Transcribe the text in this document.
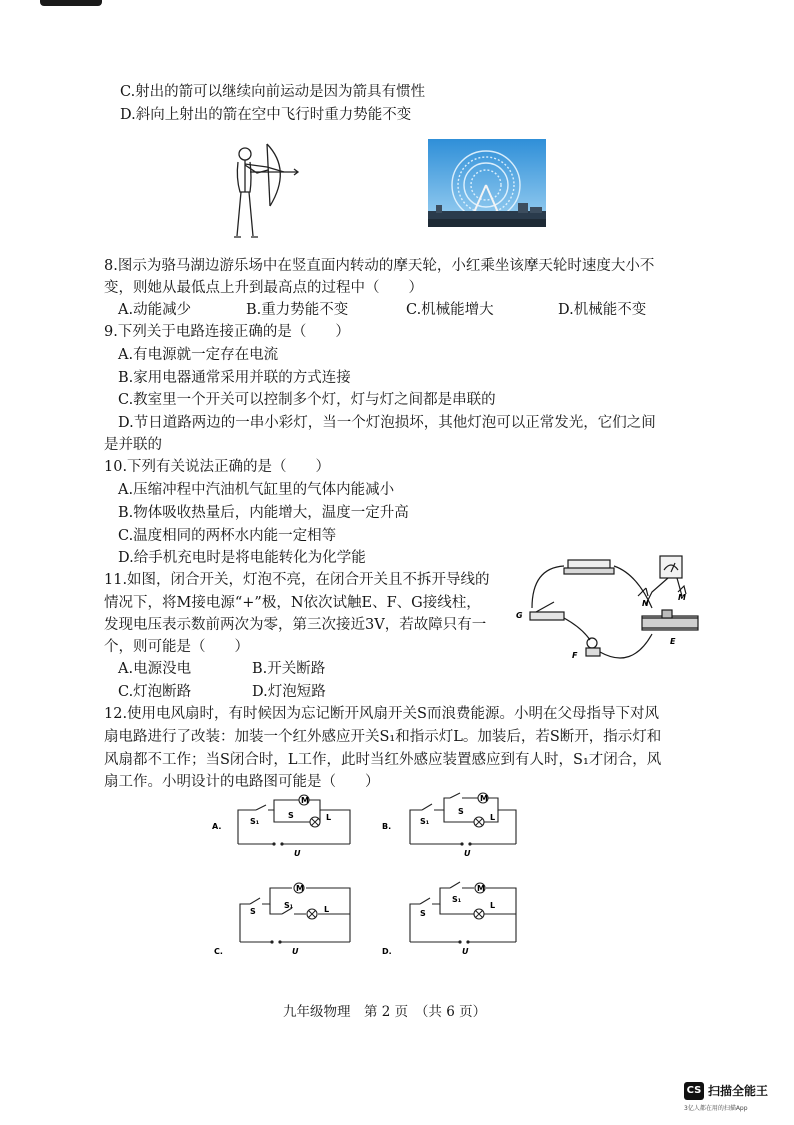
C.射出的箭可以继续向前运动是因为箭具有惯性
D.斜向上射出的箭在空中飞行时重力势能不变
8.图示为骆马湖边游乐场中在竖直面内转动的摩天轮，小红乘坐该摩天轮时速度大小不
变，则她从最低点上升到最高点的过程中（　　）
A.动能减少	B.重力势能不变	C.机械能增大	D.机械能不变
9.下列关于电路连接正确的是（　　）
A.有电源就一定存在电流
B.家用电器通常采用并联的方式连接
C.教室里一个开关可以控制多个灯，灯与灯之间都是串联的
D.节日道路两边的一串小彩灯，当一个灯泡损坏，其他灯泡可以正常发光，它们之间
是并联的
10.下列有关说法正确的是（　　）
A.压缩冲程中汽油机气缸里的气体内能减小
B.物体吸收热量后，内能增大，温度一定升高
C.温度相同的两杯水内能一定相等
D.给手机充电时是将电能转化为化学能
11.如图，闭合开关，灯泡不亮，在闭合开关且不拆开导线的
情况下，将M接电源“+”极，N依次试触E、F、G接线柱，
发现电压表示数前两次为零，第三次接近3V，若故障只有一
个，则可能是（　　）
A.电源没电	B.开关断路
C.灯泡断路	D.灯泡短路
G
F
E
M
N
12.使用电风扇时，有时候因为忘记断开风扇开关S而浪费能源。小明在父母指导下对风
扇电路进行了改装：加装一个红外感应开关S₁和指示灯L。加装后，若S断开，指示灯和
风扇都不工作；当S闭合时，L工作，此时当红外感应装置感应到有人时，S₁才闭合，风
扇工作。小明设计的电路图可能是（　　）
A.
M
S₁
S	L
U
B.
M
S₁
S
L
U
C.
M
S
S₁	L
U	D.
M
S
S₁
L
U
九年级物理　第 2 页　（共 6 页）
CS 扫描全能王
3亿人都在用的扫描App
